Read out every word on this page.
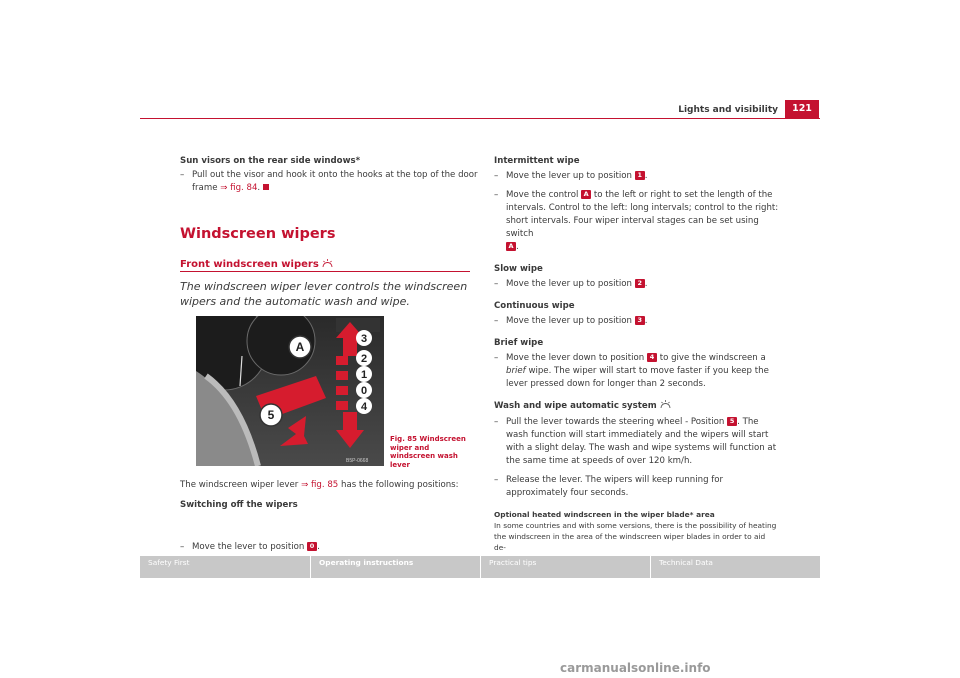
Lights and visibility	121
Sun visors on the rear side windows*
– Pull out the visor and hook it onto the hooks at the top of the door frame ⇒ fig. 84.
Windscreen wipers
Front windscreen wipers
The windscreen wiper lever controls the windscreen wipers and the automatic wash and wipe.
A
3
2
1
0
4
5
B5P-0668
Fig. 85 Windscreen wiper and windscreen wash lever
The windscreen wiper lever ⇒ fig. 85 has the following positions:
Switching off the wipers
– Move the lever to position 0 .
Intermittent wipe
– Move the lever up to position 1 .
– Move the control A to the left or right to set the length of the intervals. Control to the left: long intervals; control to the right: short intervals. Four wiper interval stages can be set using switch
A .
Slow wipe
– Move the lever up to position 2 .
Continuous wipe
– Move the lever up to position 3 .
Brief wipe
– Move the lever down to position 4 to give the windscreen a brief wipe. The wiper will start to move faster if you keep the lever pressed down for longer than 2 seconds.
Wash and wipe automatic system
– Pull the lever towards the steering wheel - Position 5 . The wash function will start immediately and the wipers will start with a slight delay. The wash and wipe systems will function at the same time at speeds of over 120 km/h.
– Release the lever. The wipers will keep running for approximately four seconds.
Optional heated windscreen in the wiper blade* area
In some countries and with some versions, there is the possibility of heating the windscreen in the area of the windscreen wiper blades in order to aid de-
Safety First	Operating instructions	Practical tips	Technical Data
carmanualsonline.info
